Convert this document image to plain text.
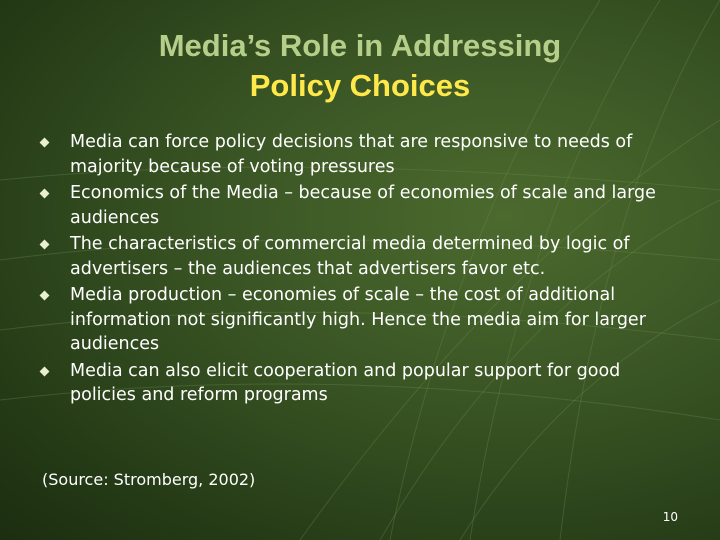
Media’s Role in Addressing
Policy Choices
Media can force policy decisions that are responsive to needs of majority because of voting pressures
Economics of the Media – because of economies of scale and large audiences
The characteristics of commercial media determined by logic of advertisers – the audiences that advertisers favor etc.
Media production – economies of scale – the cost of additional information not significantly high. Hence the media aim for larger audiences
Media can also elicit cooperation and popular support for good policies and reform programs
(Source: Stromberg, 2002)
10
